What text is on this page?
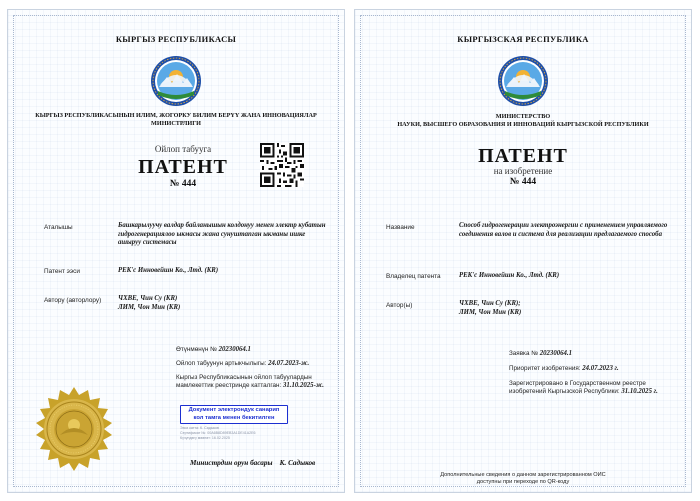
КЫРГЫЗ РЕСПУБЛИКАСЫ
КЫРГЫЗ РЕСПУБЛИКАСЫНЫН ИЛИМ, ЖОГОРКУ БИЛИМ БЕРҮҮ ЖАНА ИННОВАЦИЯЛАР МИНИСТРЛИГИ
Ойлоп табууга
ПАТЕНТ
№ 444
Аталышы	Башкарылуучу валдар байланышын колдонуу менен электр кубатын гидрогенерациялоо ыкмасы жана сунуштапган ыкманы ишке ашыруу системасы
Патент ээси	РЕК'c Инновейшн Ко., Лтд. (KR)
Автору (авторлору) ЧХВЕ, Чин Су (KR)
ЛИМ, Чон Мин (KR)
Өтүнмөнүн № 20230064.1
Ойлоп табуунун артыкчылыгы: 24.07.2023-ж.
Кыргыз Республикасынын ойлоп табуулардын
мамлекеттик реестринде катталган: 31.10.2025-ж.
Документ электрондук санарип
кол тамга менен бекитилген
Ээси катта: К. Садыков
Сертификат №: 00A6B8D89EB3A1DE41A2E6
Күчүндөгү мөөнөт: 16.02.2025
Министрдин орун басары К. Садыков
КЫРГЫЗСКАЯ РЕСПУБЛИКА
МИНИСТЕРСТВО
НАУКИ, ВЫСШЕГО ОБРАЗОВАНИЯ И ИННОВАЦИЙ КЫРГЫЗСКОЙ РЕСПУБЛИКИ
ПАТЕНТ
на изобретение
№ 444
Название	Способ гидрогенерации электроэнергии с применением управляемого соединения валов и система для реализации предлагаемого способа
Владелец патента	РЕК'c Инновейшн Ко., Лтд. (KR)
Автор(ы)	ЧХВЕ, Чин Су (KR);
ЛИМ, Чон Мин (KR)
Заявка № 20230064.1
Приоритет изобретения: 24.07.2023 г.
Зарегистрировано в Государственном реестре
изобретений Кыргызской Республики: 31.10.2025 г.
Дополнительные сведения о данном зарегистрированном ОИС
доступны при переходе по QR-коду
